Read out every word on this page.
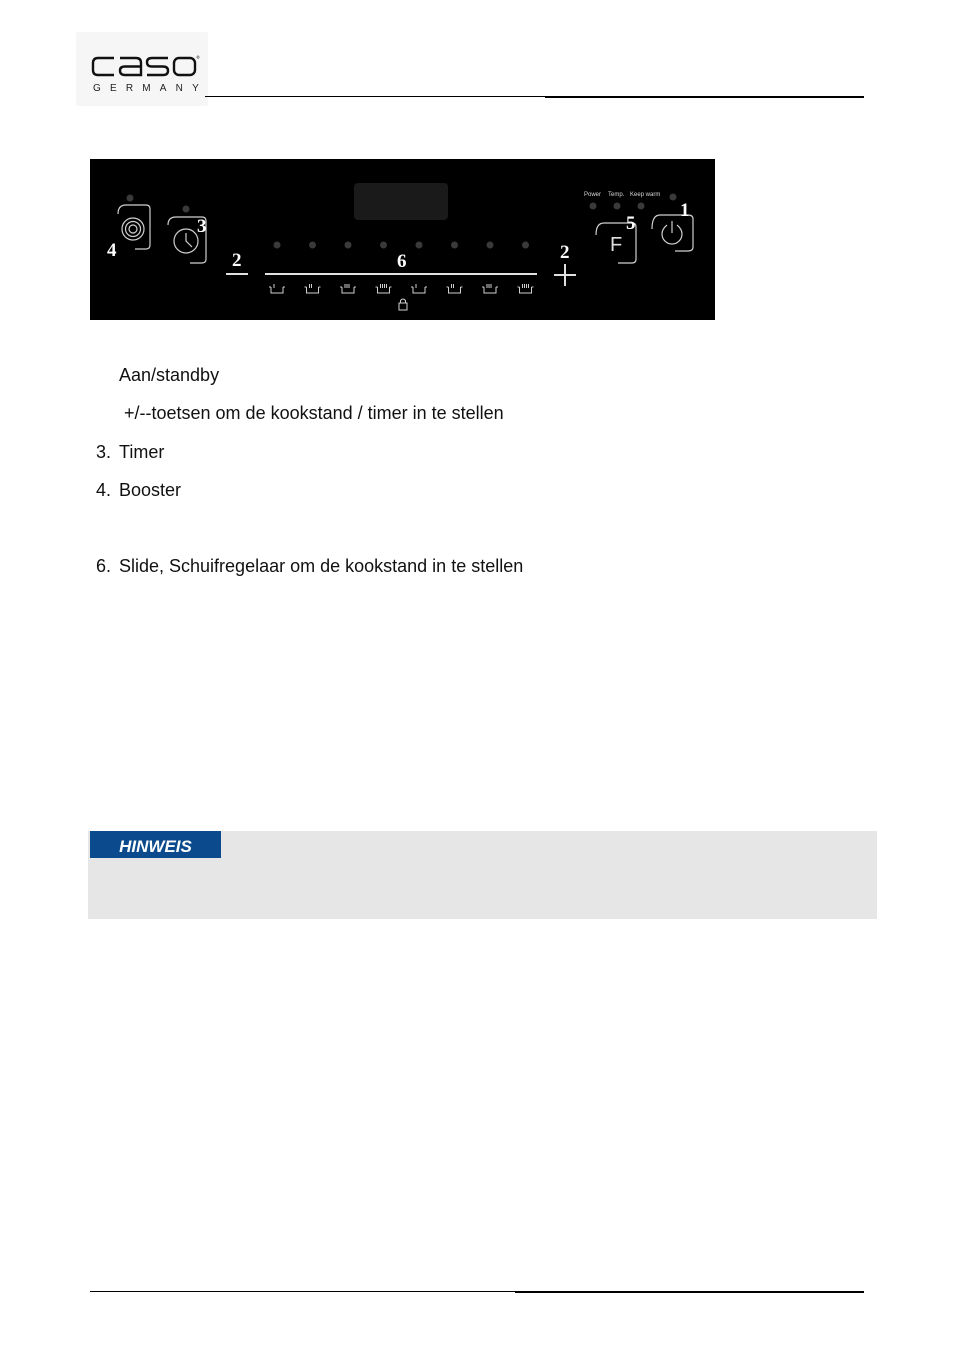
®
GERMANY
F
Power Temp. Keep warm
1
5
3
4	2	2
6
Aan/standby
+/--toetsen om de kookstand / timer in te stellen
3. Timer
4. Booster
6. Slide, Schuifregelaar om de kookstand in te stellen
HINWEIS
